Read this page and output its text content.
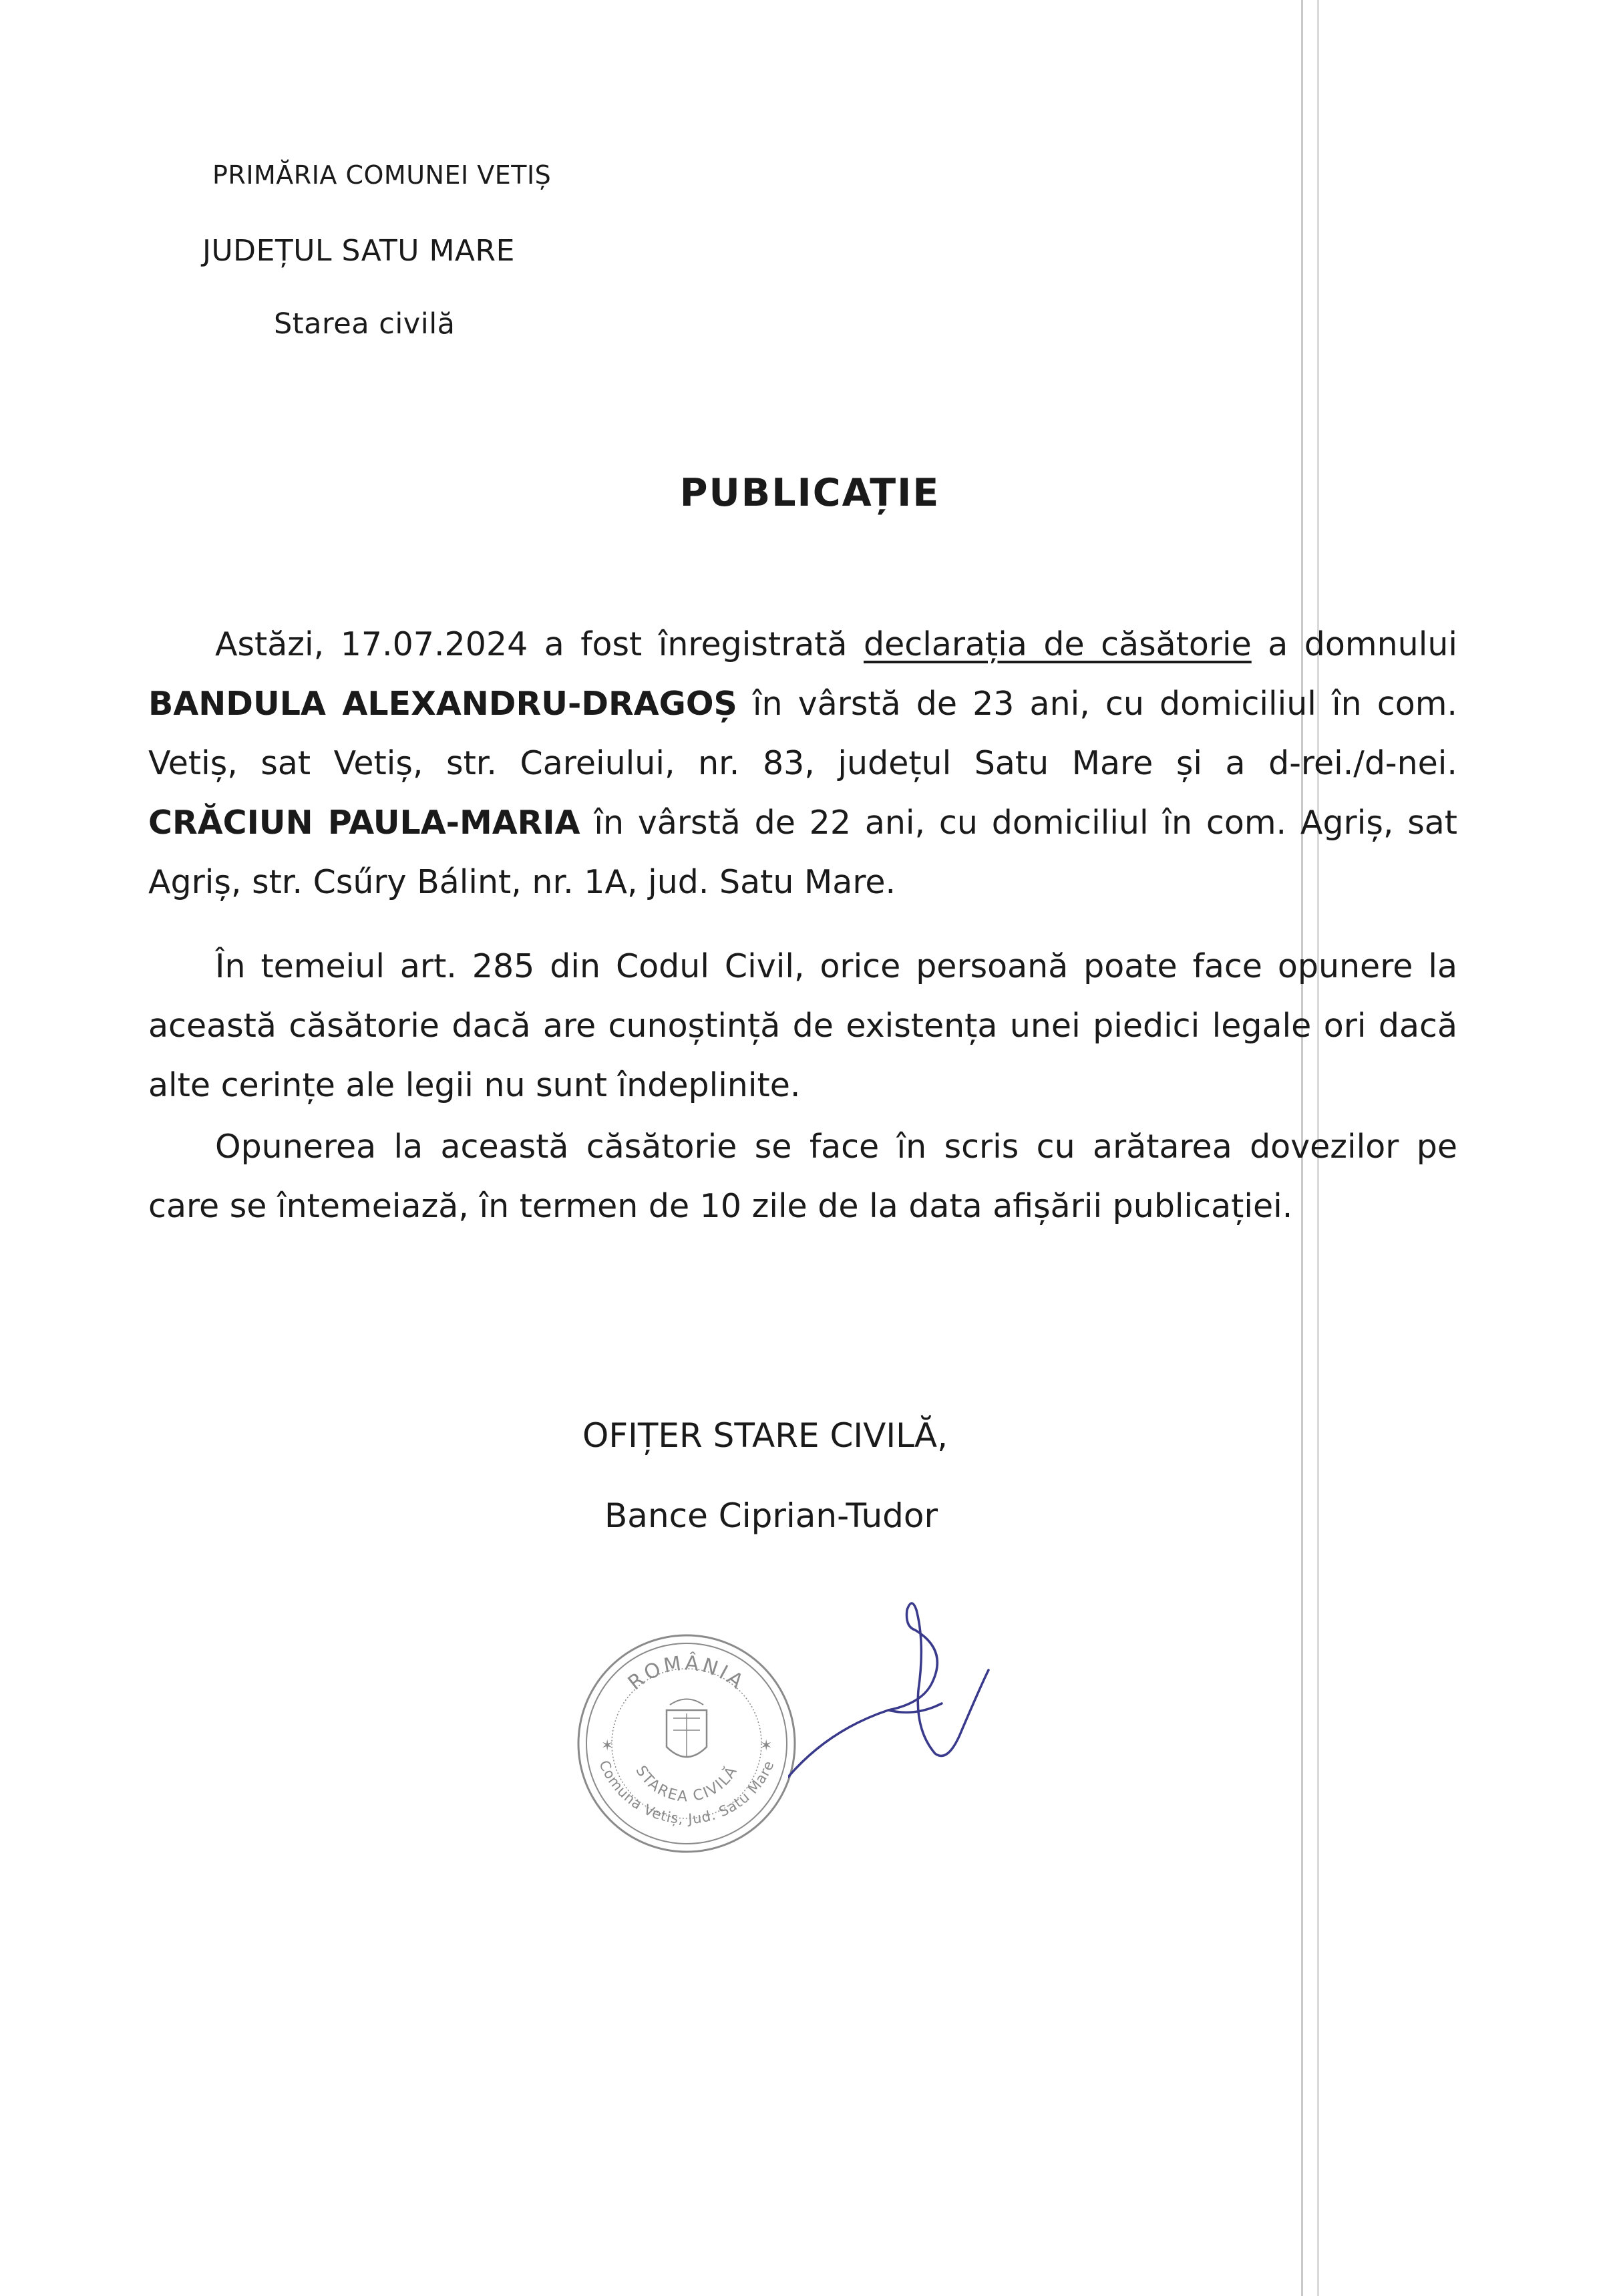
PRIMĂRIA COMUNEI VETIȘ
JUDEȚUL SATU MARE
Starea civilă
PUBLICAȚIE
Astăzi, 17.07.2024 a fost înregistrată declarația de căsătorie a domnului BANDULA ALEXANDRU-DRAGOȘ în vârstă de 23 ani, cu domiciliul în com. Vetiș, sat Vetiș, str. Careiului, nr. 83, județul Satu Mare și a d-rei./d-nei. CRĂCIUN PAULA-MARIA în vârstă de 22 ani, cu domiciliul în com. Agriș, sat Agriș, str. Csűry Bálint, nr. 1A, jud. Satu Mare.
În temeiul art. 285 din Codul Civil, orice persoană poate face opunere la această căsătorie dacă are cunoștință de existența unei piedici legale ori dacă alte cerințe ale legii nu sunt îndeplinite.
Opunerea la această căsătorie se face în scris cu arătarea dovezilor pe care se întemeiază, în termen de 10 zile de la data afișării publicației.
OFIȚER STARE CIVILĂ,
Bance Ciprian-Tudor
ROMÂNIA
STAREA CIVILĂ
Comuna Vetiș, Jud. Satu Mare
✶	✶
